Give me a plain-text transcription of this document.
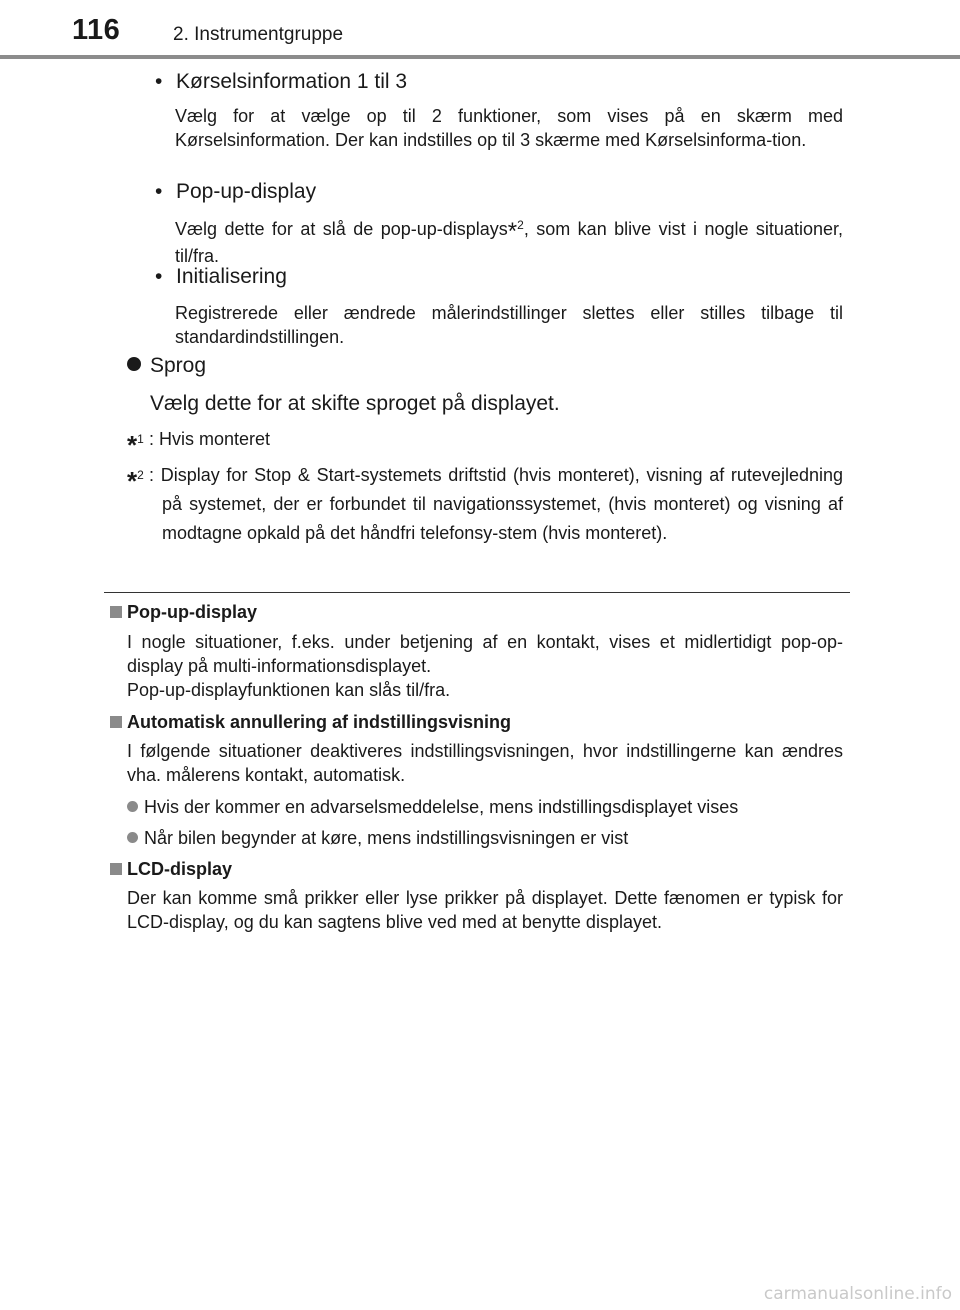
116	2. Instrumentgruppe
• Kørselsinformation 1 til 3
Vælg for at vælge op til 2 funktioner, som vises på en skærm med Kørselsinformation. Der kan indstilles op til 3 skærme med Kørselsinforma-tion.
• Pop-up-display
Vælg dette for at slå de pop-up-displays*$^2$, som kan blive vist i nogle situationer, til/fra.
• Initialisering
Registrerede eller ændrede målerindstillinger slettes eller stilles tilbage til standardindstillingen.
Sprog
Vælg dette for at skifte sproget på displayet.
*$^1$ : Hvis monteret
*$^2$ : Display for Stop & Start-systemets driftstid (hvis monteret), visning af rutevejledning på systemet, der er forbundet til navigationssystemet, (hvis monteret) og visning af modtagne opkald på det håndfri telefonsy-stem (hvis monteret).
Pop-up-display
I nogle situationer, f.eks. under betjening af en kontakt, vises et midlertidigt pop-op-display på multi-informationsdisplayet.
Pop-up-displayfunktionen kan slås til/fra.
Automatisk annullering af indstillingsvisning
I følgende situationer deaktiveres indstillingsvisningen, hvor indstillingerne kan ændres vha. målerens kontakt, automatisk.
Hvis der kommer en advarselsmeddelelse, mens indstillingsdisplayet vises
Når bilen begynder at køre, mens indstillingsvisningen er vist
LCD-display
Der kan komme små prikker eller lyse prikker på displayet. Dette fænomen er typisk for LCD-display, og du kan sagtens blive ved med at benytte displayet.
carmanualsonline.info
